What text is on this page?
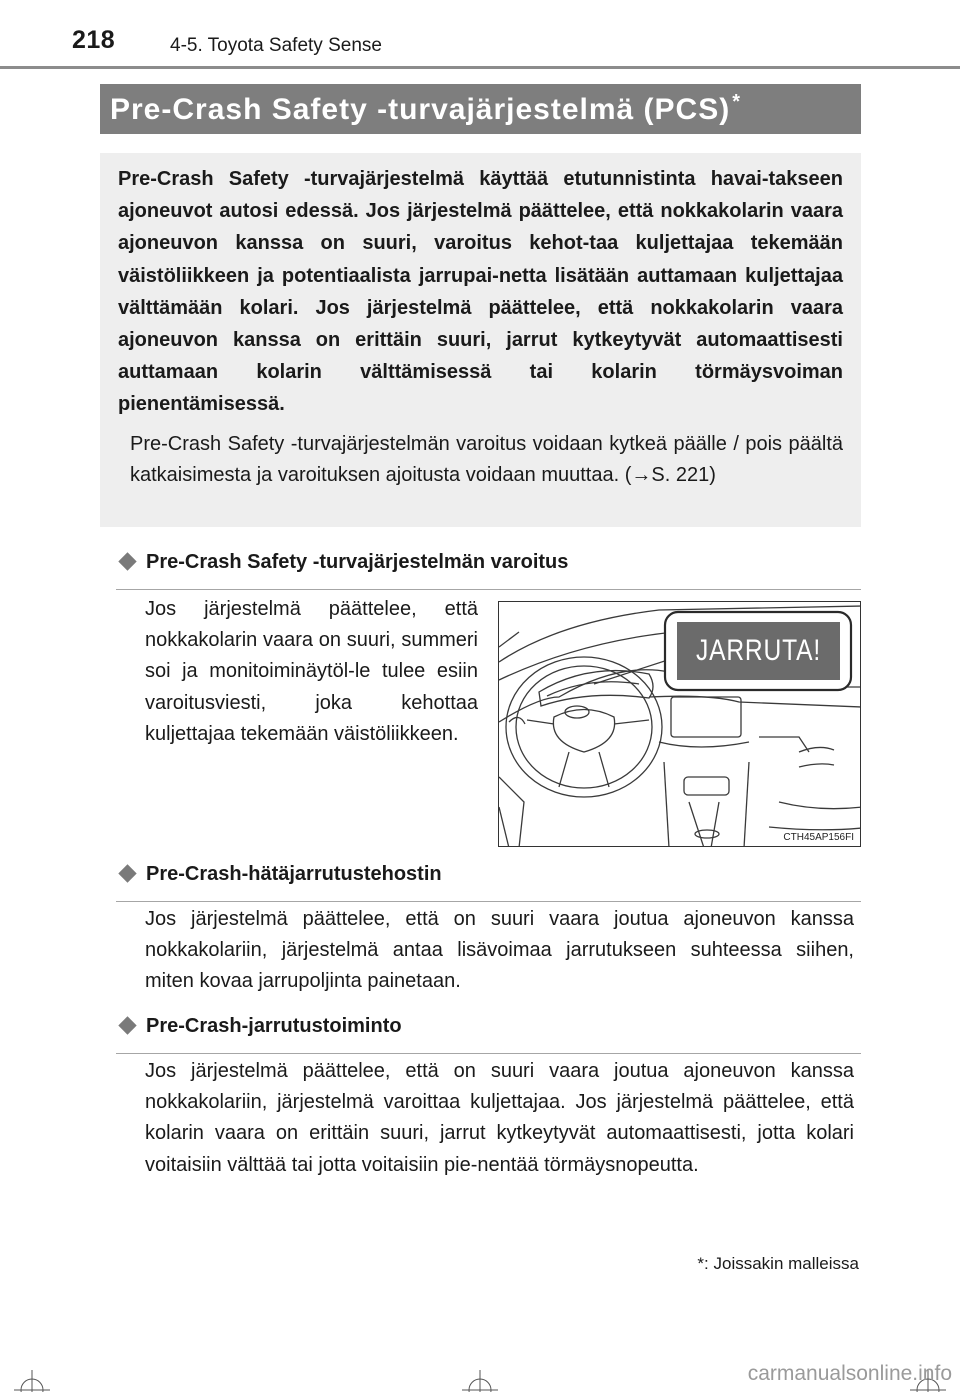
218	4-5. Toyota Safety Sense
Pre-Crash Safety -turvajärjestelmä (PCS) *

Pre-Crash Safety -turvajärjestelmä käyttää etutunnistinta havai-takseen ajoneuvot autosi edessä. Jos järjestelmä päättelee, että nokkakolarin vaara ajoneuvon kanssa on suuri, varoitus kehot-taa kuljettajaa tekemään väistöliikkeen ja potentiaalista jarrupai-netta lisätään auttamaan kuljettajaa välttämään kolari. Jos järjestelmä päättelee, että nokkakolarin vaara ajoneuvon kanssa on erittäin suuri, jarrut kytkeytyvät automaattisesti auttamaan kolarin välttämisessä tai kolarin törmäysvoiman pienentämisessä.

Pre-Crash Safety -turvajärjestelmän varoitus voidaan kytkeä päälle / pois päältä katkaisimesta ja varoituksen ajoitusta voidaan muuttaa. (→S. 221)

Pre-Crash Safety -turvajärjestelmän varoitus

Jos järjestelmä päättelee, että nokkakolarin vaara on suuri, summeri soi ja monitoiminäytöl-le tulee esiin varoitusviesti, joka kehottaa kuljettajaa tekemään väistöliikkeen.

JARRUTA!
CTH45AP156FI
Pre-Crash-hätäjarrutustehostin

Jos järjestelmä päättelee, että on suuri vaara joutua ajoneuvon kanssa nokkakolariin, järjestelmä antaa lisävoimaa jarrutukseen suhteessa siihen, miten kovaa jarrupoljinta painetaan.

Pre-Crash-jarrutustoiminto

Jos järjestelmä päättelee, että on suuri vaara joutua ajoneuvon kanssa nokkakolariin, järjestelmä varoittaa kuljettajaa. Jos järjestelmä päättelee, että kolarin vaara on erittäin suuri, jarrut kytkeytyvät automaattisesti, jotta kolari voitaisiin välttää tai jotta voitaisiin pie-nentää törmäysnopeutta.

*: Joissakin malleissa
carmanualsonline.info
